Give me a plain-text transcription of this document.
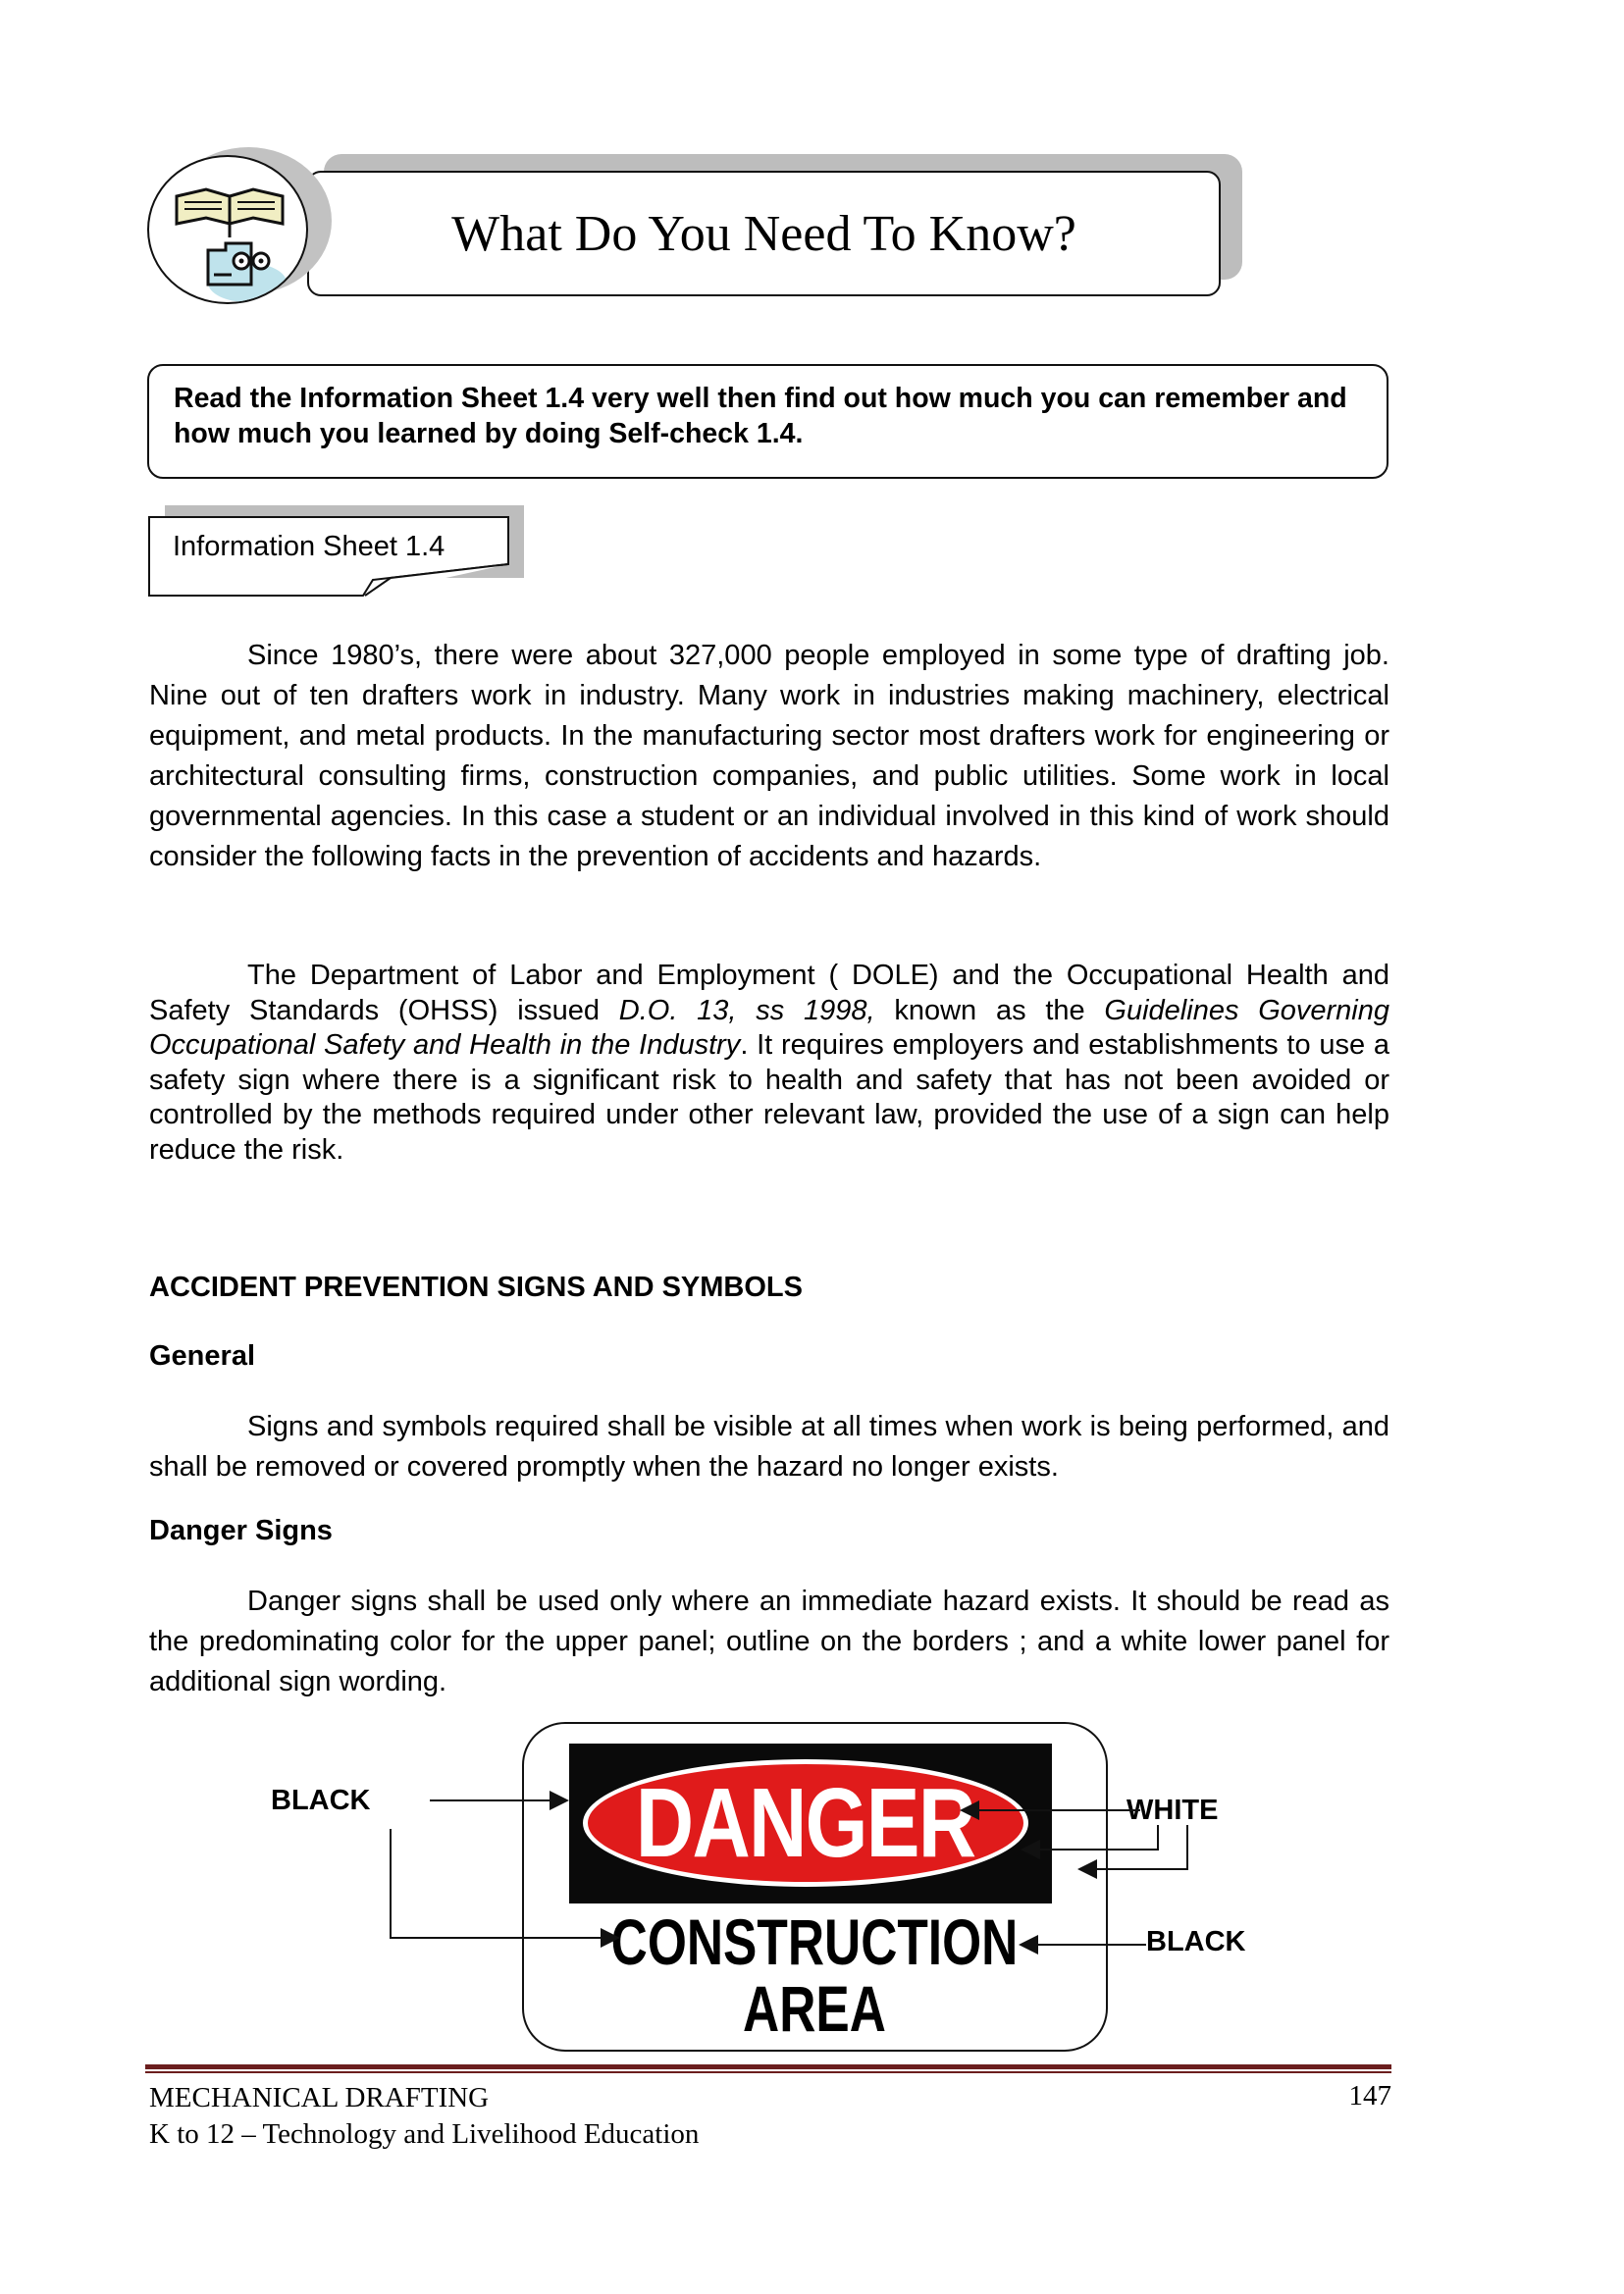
What Do You Need To Know?
Read the Information Sheet 1.4 very well then find out how much you can remember and how much you learned by doing Self-check 1.4.
Information Sheet 1.4

Since 1980’s, there were about 327,000 people employed in some type of drafting job. Nine out of ten drafters work in industry. Many work in industries making machinery, electrical equipment, and metal products. In the manufacturing sector most drafters work for engineering or architectural consulting firms, construction companies, and public utilities. Some work in local governmental agencies. In this case a student or an individual involved in this kind of work should consider the following facts in the prevention of accidents and hazards.

The Department of Labor and Employment ( DOLE) and the Occupational Health and Safety Standards (OHSS) issued D.O. 13, ss 1998, known as the Guidelines Governing Occupational Safety and Health in the Industry. It requires employers and establishments to use a safety sign where there is a significant risk to health and safety that has not been avoided or controlled by the methods required under other relevant law, provided the use of a sign can help reduce the risk.

ACCIDENT PREVENTION SIGNS AND SYMBOLS
General

Signs and symbols required shall be visible at all times when work is being performed, and shall be removed or covered promptly when the hazard no longer exists.

Danger Signs

Danger signs shall be used only where an immediate hazard exists. It should be read as the predominating color for the upper panel; outline on the borders ; and a white lower panel for additional sign wording.

DANGER
CONSTRUCTION
AREA
BLACK	WHITE
BLACK
MECHANICAL DRAFTING
K to 12 – Technology and Livelihood Education
147
